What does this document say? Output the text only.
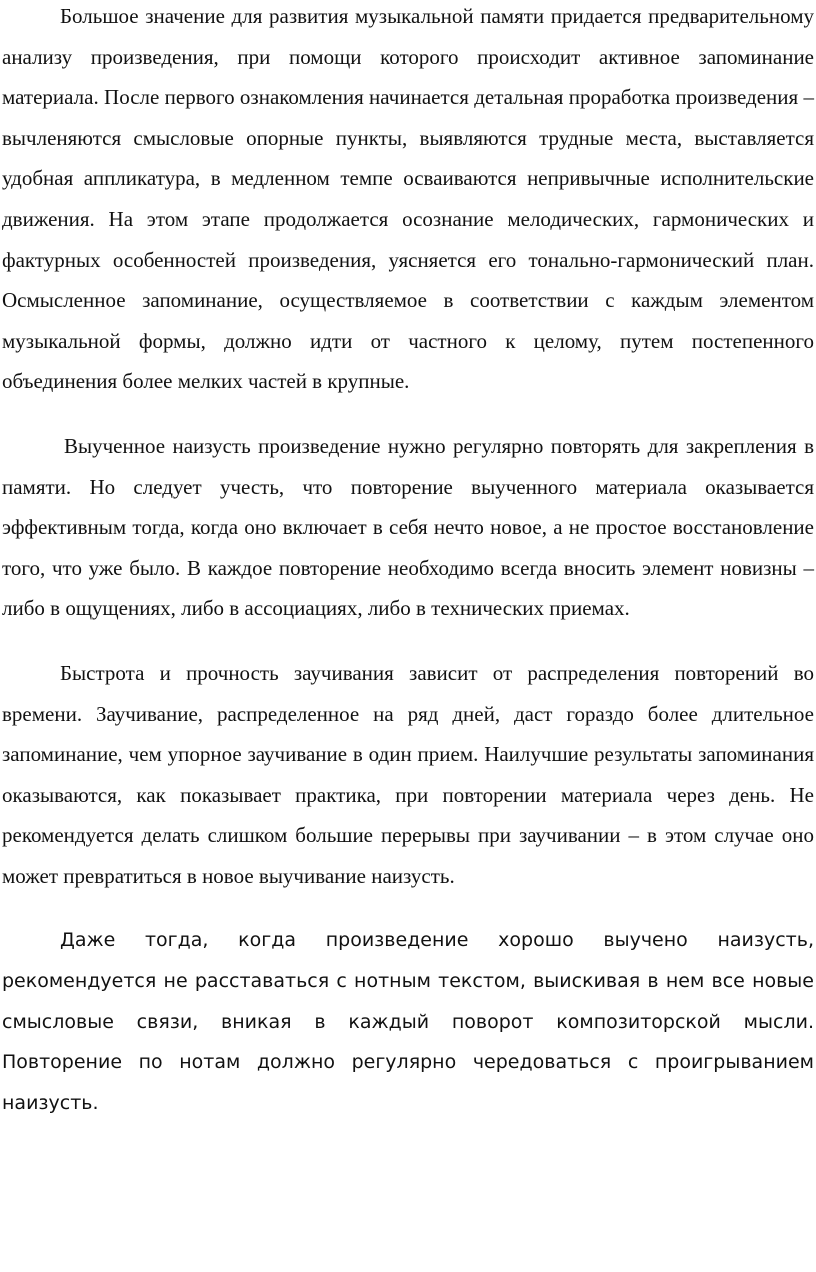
Большое значение для развития музыкальной памяти придается предварительному анализу произведения, при помощи которого происходит активное запоминание материала. После первого ознакомления начинается детальная проработка произведения – вычленяются смысловые опорные пункты, выявляются трудные места, выставляется удобная аппликатура, в медленном темпе осваиваются непривычные исполнительские движения. На этом этапе продолжается осознание мелодических, гармонических и фактурных особенностей произведения, уясняется его тонально-гармонический план. Осмысленное запоминание, осуществляемое в соответствии с каждым элементом музыкальной формы, должно идти от частного к целому, путем постепенного объединения более мелких частей в крупные.

Выученное наизусть произведение нужно регулярно повторять для закрепления в памяти. Но следует учесть, что повторение выученного материала оказывается эффективным тогда, когда оно включает в себя нечто новое, а не простое восстановление того, что уже было. В каждое повторение необходимо всегда вносить элемент новизны – либо в ощущениях, либо в ассоциациях, либо в технических приемах.

Быстрота и прочность заучивания зависит от распределения повторений во времени. Заучивание, распределенное на ряд дней, даст гораздо более длительное запоминание, чем упорное заучивание в один прием. Наилучшие результаты запоминания оказываются, как показывает практика, при повторении материала через день. Не рекомендуется делать слишком большие перерывы при заучивании – в этом случае оно может превратиться в новое выучивание наизусть.

Даже тогда, когда произведение хорошо выучено наизусть, рекомендуется не расставаться с нотным текстом, выискивая в нем все новые смысловые связи, вникая в каждый поворот композиторской мысли. Повторение по нотам должно регулярно чередоваться с проигрыванием наизусть.
